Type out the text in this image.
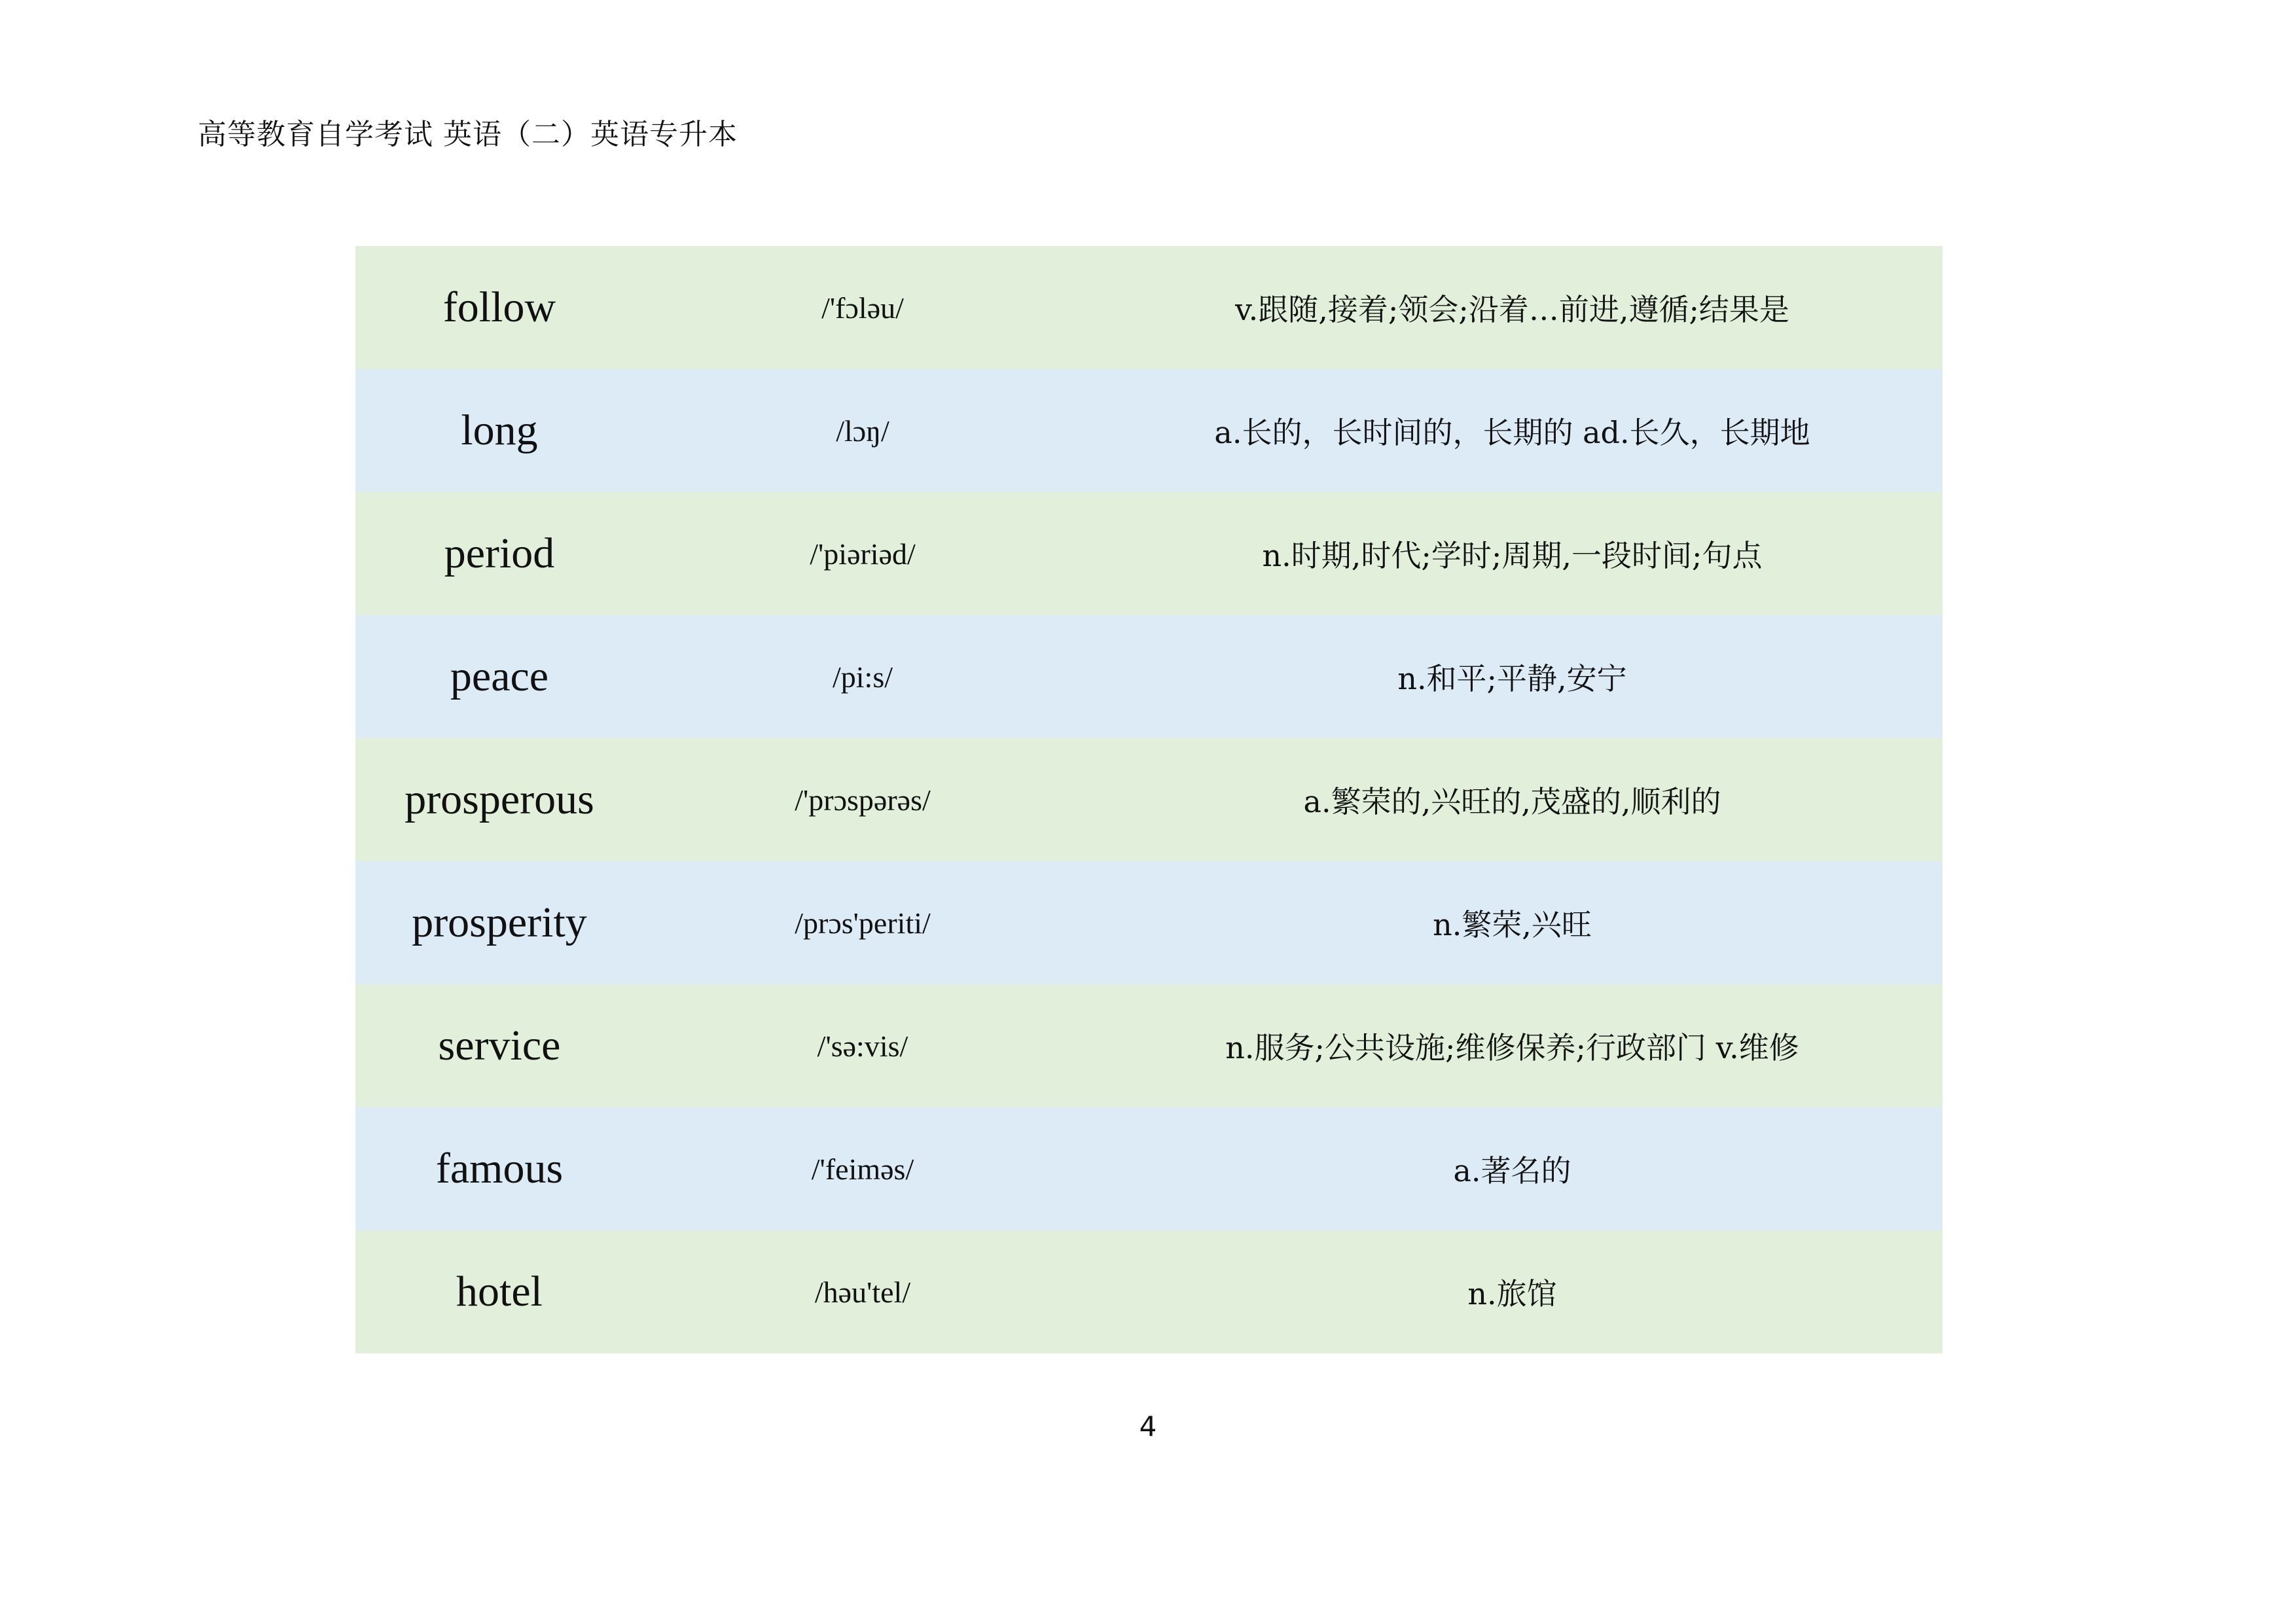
高等教育自学考试 英语（二）英语专升本
follow	/'fɔləu/	v.跟随,接着;领会;沿着…前进,遵循;结果是
long	/lɔŋ/	a.长的，长时间的，长期的 ad.长久，长期地
period	/'piəriəd/	n.时期,时代;学时;周期,一段时间;句点
peace	/pi:s/	n.和平;平静,安宁
prosperous	/'prɔspərəs/	a.繁荣的,兴旺的,茂盛的,顺利的
prosperity	/prɔs'periti/	n.繁荣,兴旺
service	/'sə:vis/	n.服务;公共设施;维修保养;行政部门 v.维修
famous	/'feiməs/	a.著名的
hotel	/həu'tel/	n.旅馆
4
